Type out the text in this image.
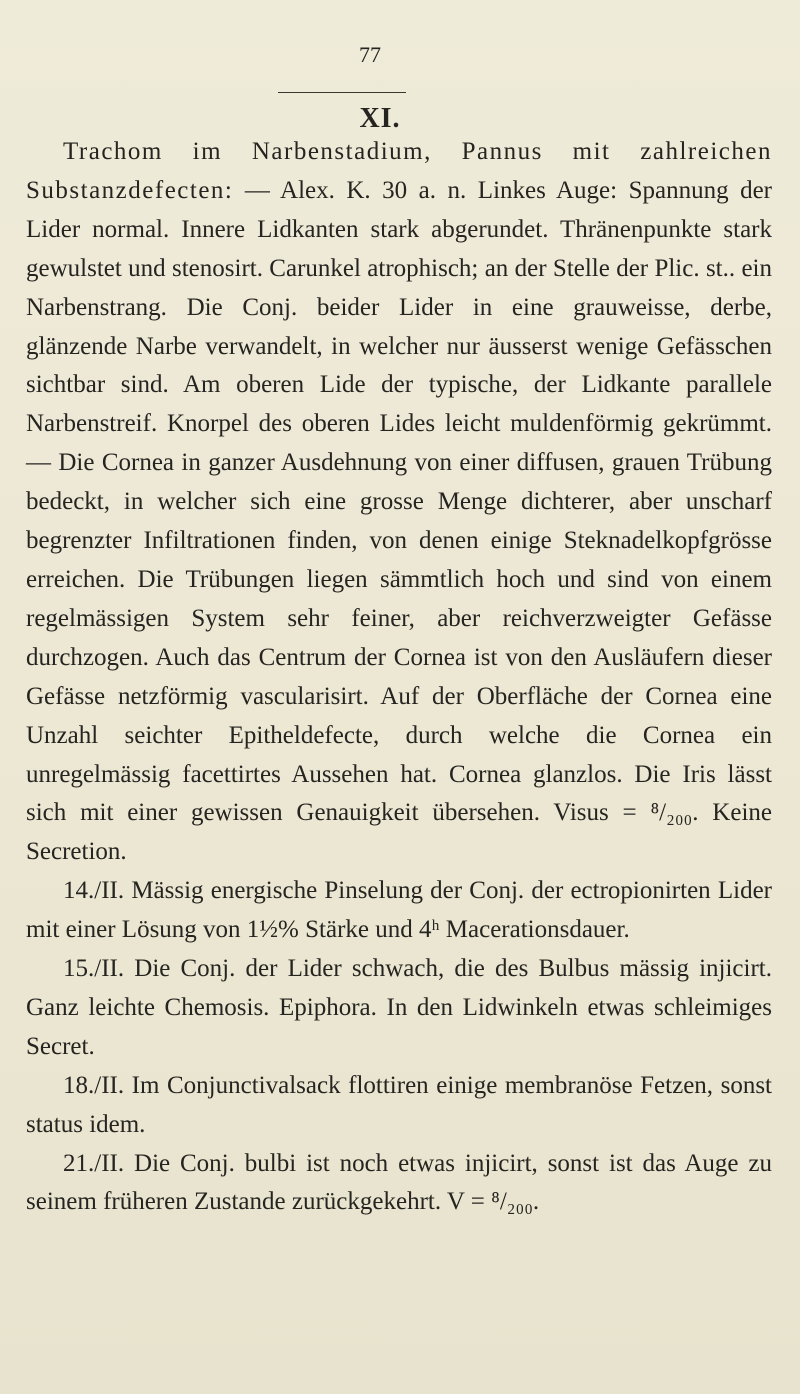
77
XI.

Trachom im Narbenstadium, Pannus mit zahlreichen Substanzdefecten: — Alex. K. 30 a. n. Linkes Auge: Spannung der Lider normal. Innere Lidkanten stark abgerundet. Thränenpunkte stark gewulstet und stenosirt. Carunkel atrophisch; an der Stelle der Plic. st.. ein Narbenstrang. Die Conj. beider Lider in eine grauweisse, derbe, glänzende Narbe verwandelt, in welcher nur äusserst wenige Gefässchen sichtbar sind. Am oberen Lide der typische, der Lidkante parallele Narbenstreif. Knorpel des oberen Lides leicht muldenförmig gekrümmt. — Die Cornea in ganzer Ausdehnung von einer diffusen, grauen Trübung bedeckt, in welcher sich eine grosse Menge dichterer, aber unscharf begrenzter Infiltrationen finden, von denen einige Steknadelkopfgrösse erreichen. Die Trübungen liegen sämmtlich hoch und sind von einem regelmässigen System sehr feiner, aber reichverzweigter Gefässe durchzogen. Auch das Centrum der Cornea ist von den Ausläufern dieser Gefässe netzförmig vascularisirt. Auf der Oberfläche der Cornea eine Unzahl seichter Epitheldefecte, durch welche die Cornea ein unregelmässig facettirtes Aussehen hat. Cornea glanzlos. Die Iris lässt sich mit einer gewissen Genauigkeit übersehen. Visus = ⁸/₂₀₀. Keine Secretion.

14./II. Mässig energische Pinselung der Conj. der ectropionirten Lider mit einer Lösung von 1½% Stärke und 4ʰ Macerationsdauer.

15./II. Die Conj. der Lider schwach, die des Bulbus mässig injicirt. Ganz leichte Chemosis. Epiphora. In den Lidwinkeln etwas schleimiges Secret.

18./II. Im Conjunctivalsack flottiren einige membranöse Fetzen, sonst status idem.

21./II. Die Conj. bulbi ist noch etwas injicirt, sonst ist das Auge zu seinem früheren Zustande zurückgekehrt. V = ⁸/₂₀₀.
